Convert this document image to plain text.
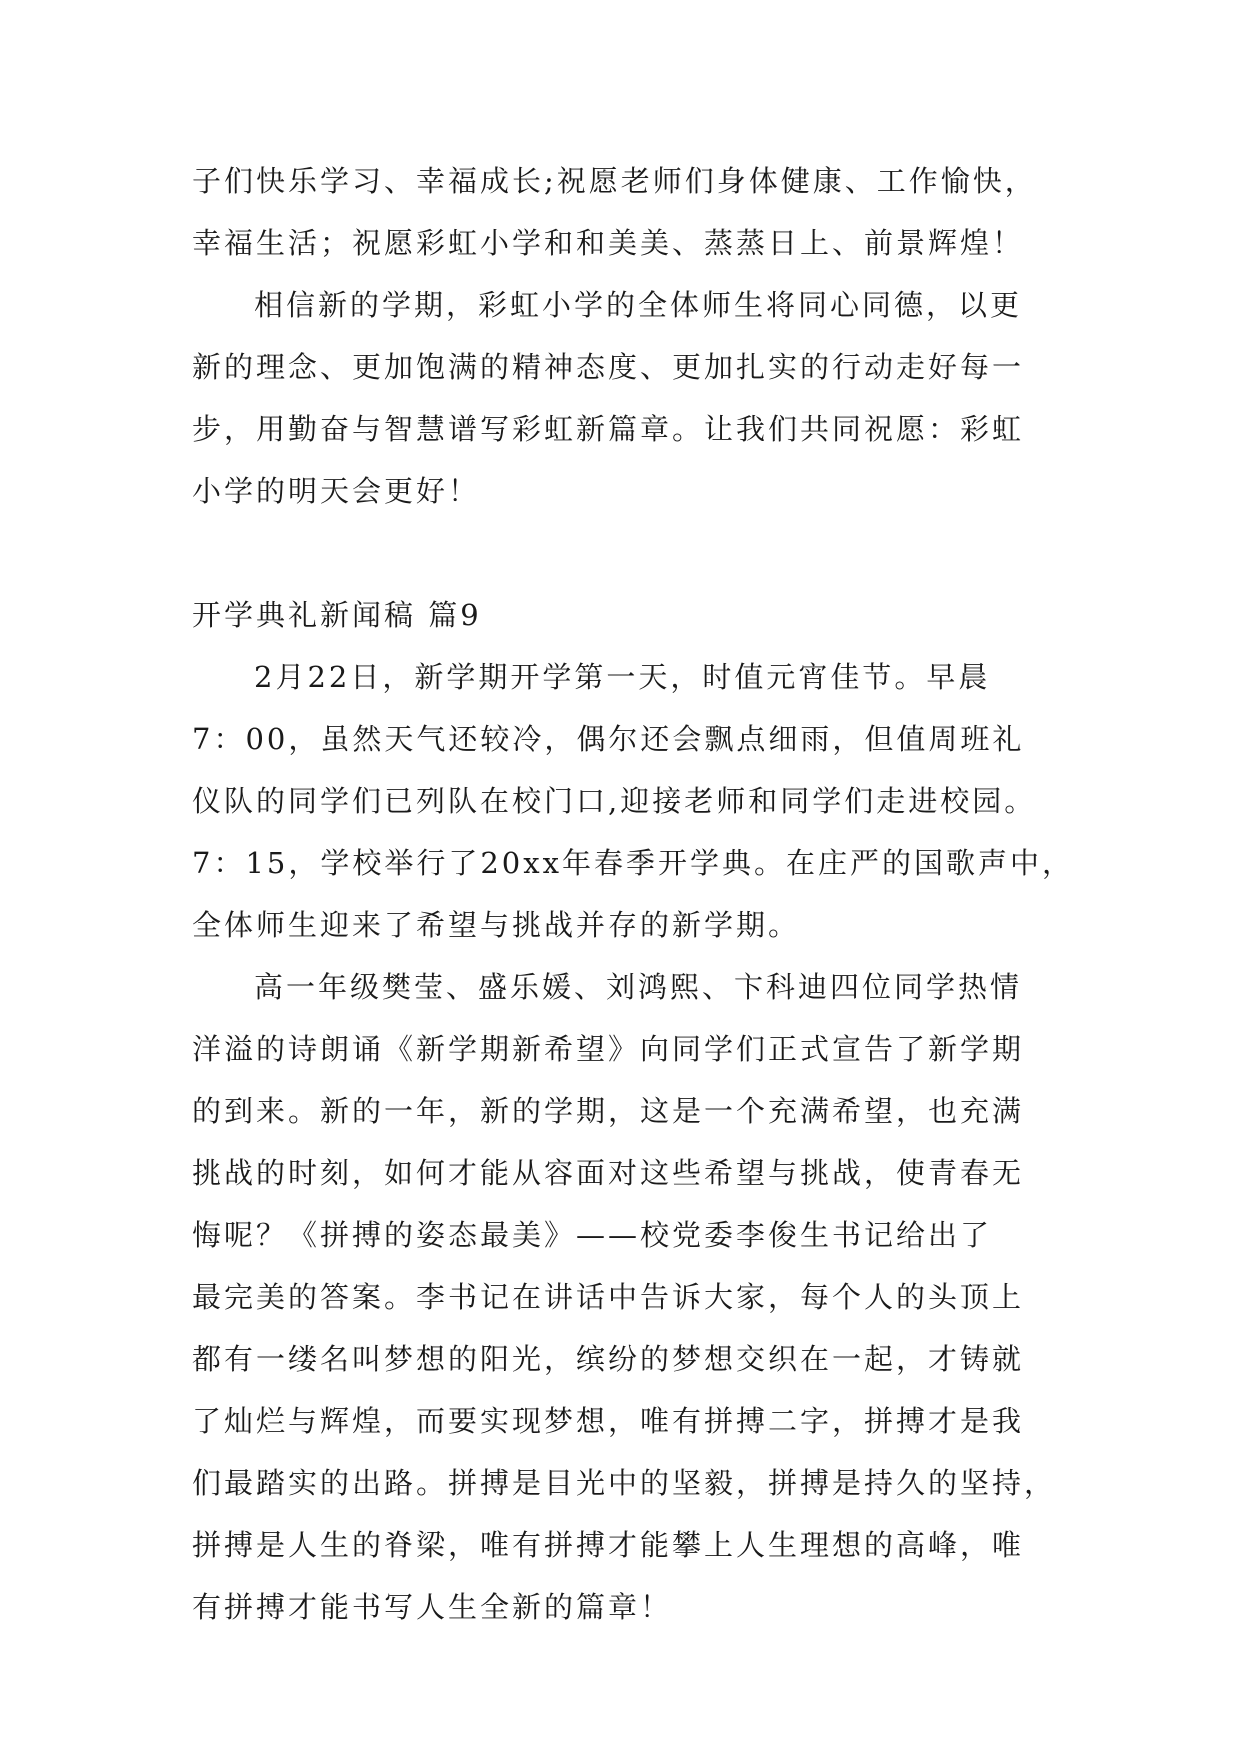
子们快乐学习、幸福成长;祝愿老师们身体健康、工作愉快，
幸福生活；祝愿彩虹小学和和美美、蒸蒸日上、前景辉煌！
相信新的学期，彩虹小学的全体师生将同心同德，以更
新的理念、更加饱满的精神态度、更加扎实的行动走好每一
步，用勤奋与智慧谱写彩虹新篇章。让我们共同祝愿：彩虹
小学的明天会更好！
开学典礼新闻稿 篇9
2月22日，新学期开学第一天，时值元宵佳节。早晨
7：00，虽然天气还较冷，偶尔还会飘点细雨，但值周班礼
仪队的同学们已列队在校门口,迎接老师和同学们走进校园。
7：15，学校举行了20xx年春季开学典。在庄严的国歌声中，
全体师生迎来了希望与挑战并存的新学期。
高一年级樊莹、盛乐媛、刘鸿熙、卞科迪四位同学热情
洋溢的诗朗诵《新学期新希望》向同学们正式宣告了新学期
的到来。新的一年，新的学期，这是一个充满希望，也充满
挑战的时刻，如何才能从容面对这些希望与挑战，使青春无
悔呢？《拼搏的姿态最美》——校党委李俊生书记给出了
最完美的答案。李书记在讲话中告诉大家，每个人的头顶上
都有一缕名叫梦想的阳光，缤纷的梦想交织在一起，才铸就
了灿烂与辉煌，而要实现梦想，唯有拼搏二字，拼搏才是我
们最踏实的出路。拼搏是目光中的坚毅，拼搏是持久的坚持，
拼搏是人生的脊梁，唯有拼搏才能攀上人生理想的高峰，唯
有拼搏才能书写人生全新的篇章！
